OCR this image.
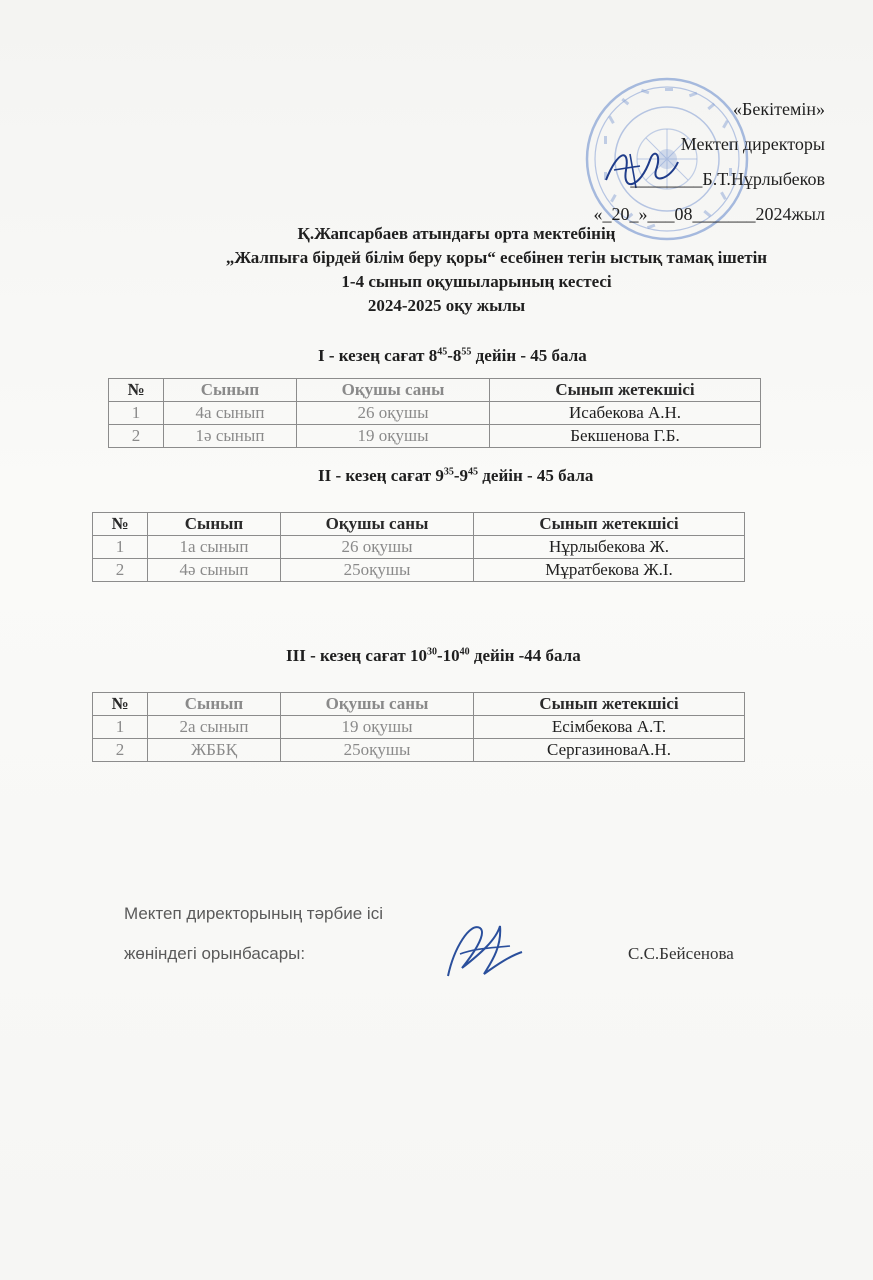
«Бекітемін»
Мектеп директоры
________Б.Т.Нұрлыбеков
«_20_»___08_______2024жыл
Қ.Жапсарбаев атындағы орта мектебінің
„Жалпыға бірдей білім беру қоры“ есебінен тегін ыстық тамақ ішетін
1-4 сынып оқушыларының кестесі
2024-2025 оқу жылы
I - кезең сағат $8^{45}-8^{55}$ дейін - 45 бала
№	Сынып	Оқушы саны	Сынып жетекшісі
1	4а сынып	26 оқушы	Исабекова А.Н.
2	1ә сынып	19 оқушы	Бекшенова Г.Б.
II - кезең сағат $9^{35}-9^{45}$ дейін - 45 бала
№	Сынып	Оқушы саны	Сынып жетекшісі
1	1а сынып	26 оқушы	Нұрлыбекова Ж.
2	4ә сынып	25оқушы	Мұратбекова Ж.І.
III - кезең сағат $10^{30}-10^{40}$ дейін -44 бала
№	Сынып	Оқушы саны	Сынып жетекшісі
1	2а сынып	19 оқушы	Есімбекова А.Т.
2	ЖББҚ	25оқушы	СергазиноваА.Н.
Мектеп директорының тәрбие ісі
жөніндегі орынбасары:	С.С.Бейсенова
